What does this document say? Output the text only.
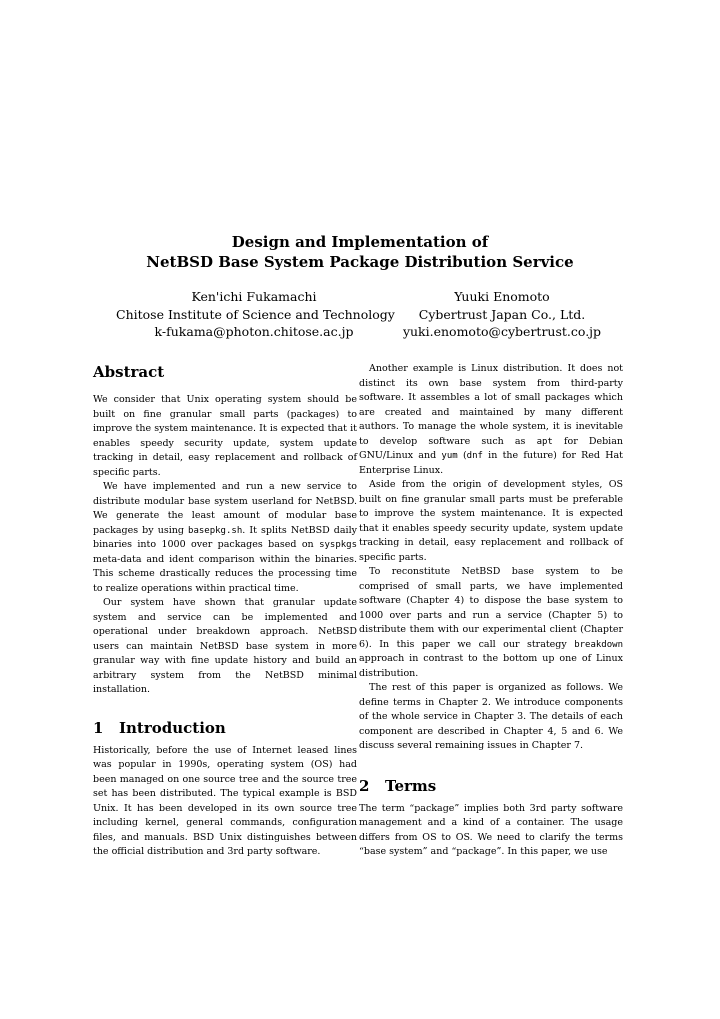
Design and Implementation of
NetBSD Base System Package Distribution Service
Ken'ichi Fukamachi
Chitose Institute of Science and Technology
k-fukama@photon.chitose.ac.jp
Yuuki Enomoto
Cybertrust Japan Co., Ltd.
yuki.enomoto@cybertrust.co.jp
Abstract

We consider that Unix operating system should be built on fine granular small parts (packages) to improve the system maintenance. It is expected that it enables speedy security update, system update tracking in detail, easy replacement and rollback of specific parts.

We have implemented and run a new service to distribute modular base system userland for NetBSD. We generate the least amount of modular base packages by using basepkg.sh. It splits NetBSD daily binaries into 1000 over packages based on syspkgs meta-data and ident comparison within the binaries. This scheme drastically reduces the processing time to realize operations within practical time.

Our system have shown that granular update system and service can be implemented and operational under breakdown approach. NetBSD users can maintain NetBSD base system in more granular way with fine update history and build an arbitrary system from the NetBSD minimal installation.

1 Introduction

Historically, before the use of Internet leased lines was popular in 1990s, operating system (OS) had been managed on one source tree and the source tree set has been distributed. The typical example is BSD Unix. It has been developed in its own source tree including kernel, general commands, configuration files, and manuals. BSD Unix distinguishes between the official distribution and 3rd party software.

Another example is Linux distribution. It does not distinct its own base system from third-party software. It assembles a lot of small packages which are created and maintained by many different authors. To manage the whole system, it is inevitable to develop software such as apt for Debian GNU/Linux and yum (dnf in the future) for Red Hat Enterprise Linux.

Aside from the origin of development styles, OS built on fine granular small parts must be preferable to improve the system maintenance. It is expected that it enables speedy security update, system update tracking in detail, easy replacement and rollback of specific parts.

To reconstitute NetBSD base system to be comprised of small parts, we have implemented software (Chapter 4) to dispose the base system to 1000 over parts and run a service (Chapter 5) to distribute them with our experimental client (Chapter 6). In this paper we call our strategy breakdown approach in contrast to the bottom up one of Linux distribution.

The rest of this paper is organized as follows. We define terms in Chapter 2. We introduce components of the whole service in Chapter 3. The details of each component are described in Chapter 4, 5 and 6. We discuss several remaining issues in Chapter 7.

2 Terms

The term “package” implies both 3rd party software management and a kind of a container. The usage differs from OS to OS. We need to clarify the terms “base system” and “package”. In this paper, we use
